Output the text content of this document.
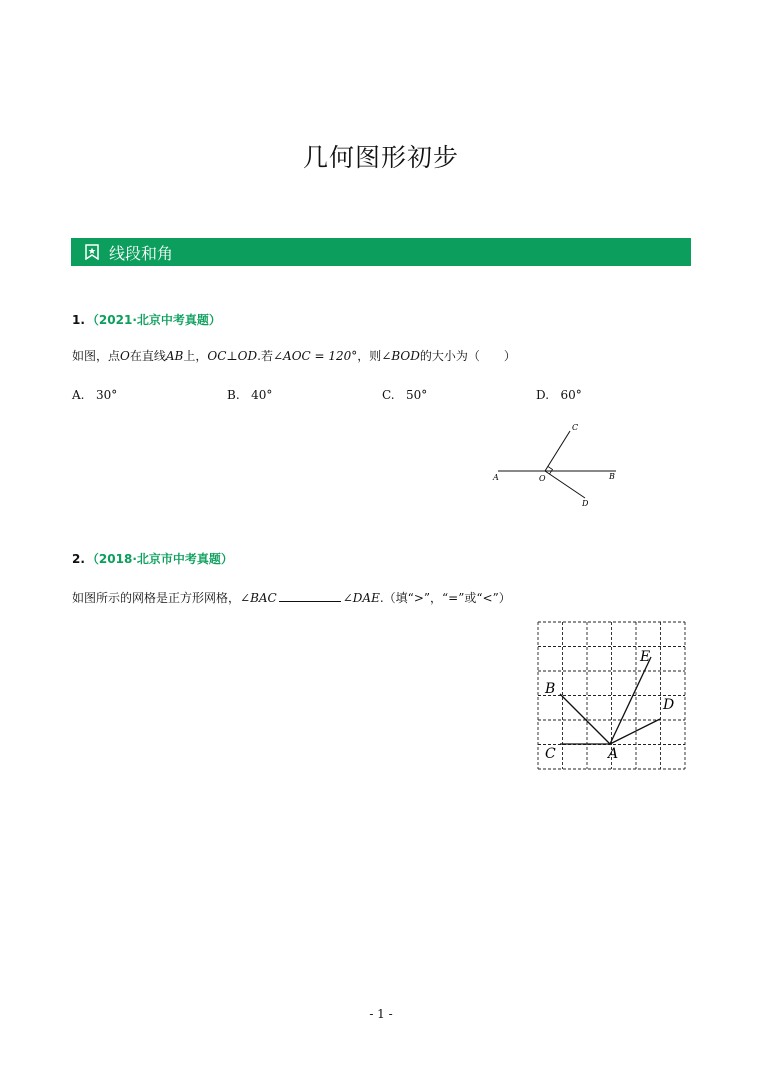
几何图形初步
线段和角
1. （2021·北京中考真题）
如图，点O在直线AB上，OC⊥OD.若∠AOC = 120°，则∠BOD的大小为（　　）
A. 30°	B. 40°	C. 50°	D. 60°
A	O	B
C
D
2. （2018·北京市中考真题）
如图所示的网格是正方形网格，∠BAC	∠DAE.（填“>”，“=”或“<”）
B
C	A
D
E
- 1 -
